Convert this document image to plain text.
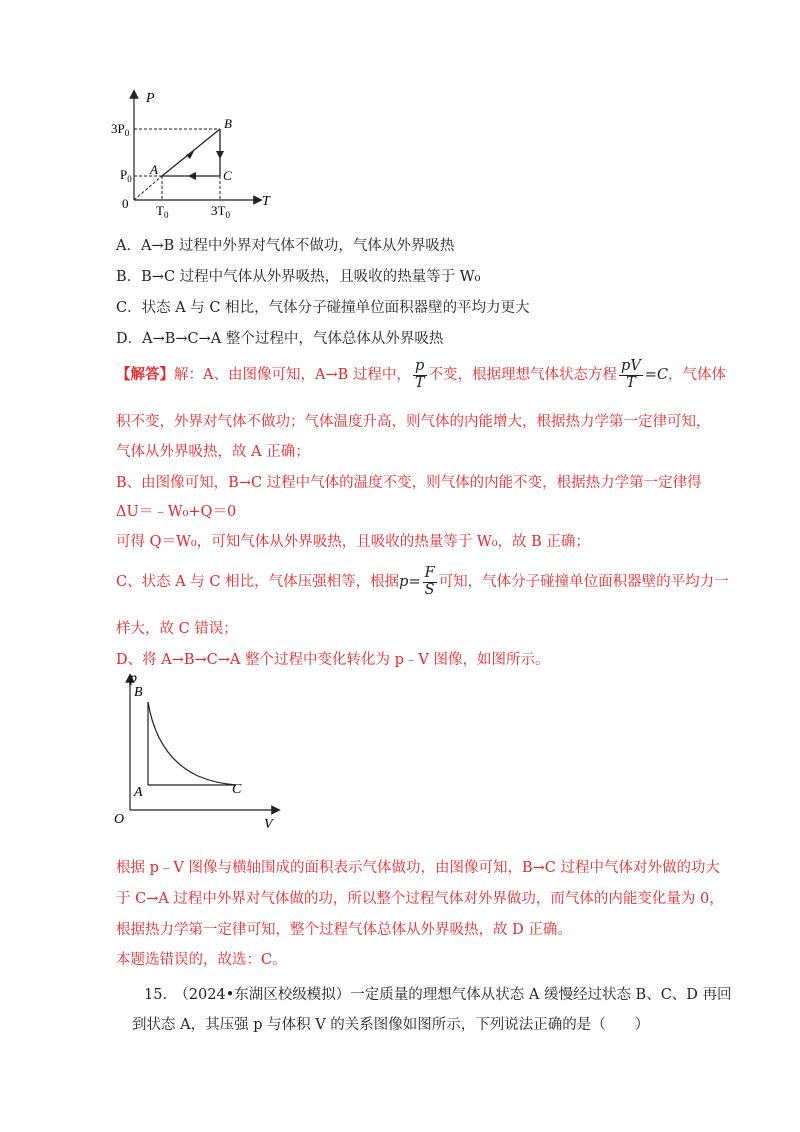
P
T
0
$3P_0$
$P_0$
$T_0$	$3T_0$
A
B
C
A．A→B 过程中外界对气体不做功，气体从外界吸热
B．B→C 过程中气体从外界吸热，且吸收的热量等于 W₀
C．状态 A 与 C 相比，气体分子碰撞单位面积器壁的平均力更大
D．A→B→C→A 整个过程中，气体总体从外界吸热
【解答】解：A、由图像可知，A→B 过程中， $\frac{p}{T}$ 不变，根据理想气体状态方程 $\frac{pV}{T} =C$，气体体
积不变，外界对气体不做功；气体温度升高，则气体的内能增大，根据热力学第一定律可知，
气体从外界吸热，故 A 正确；
B、由图像可知，B→C 过程中气体的温度不变，则气体的内能不变，根据热力学第一定律得
ΔU＝﹣W₀+Q＝0
可得 Q＝W₀，可知气体从外界吸热，且吸收的热量等于 W₀，故 B 正确；
C、状态 A 与 C 相比，气体压强相等，根据$p= \frac{F}{S}$ 可知，气体分子碰撞单位面积器壁的平均力一
样大，故 C 错误；
D、将 A→B→C→A 整个过程中变化转化为 p﹣V 图像，如图所示。
p
V
O
B
A	C
根据 p﹣V 图像与横轴围成的面积表示气体做功，由图像可知，B→C 过程中气体对外做的功大
于 C→A 过程中外界对气体做的功，所以整个过程气体对外界做功，而气体的内能变化量为 0，
根据热力学第一定律可知，整个过程气体总体从外界吸热，故 D 正确。
本题选错误的，故选：C。
15.　（2024•东湖区校级模拟）一定质量的理想气体从状态 A 缓慢经过状态 B、C、D 再回
到状态 A，其压强 p 与体积 V 的关系图像如图所示，下列说法正确的是（　　）
